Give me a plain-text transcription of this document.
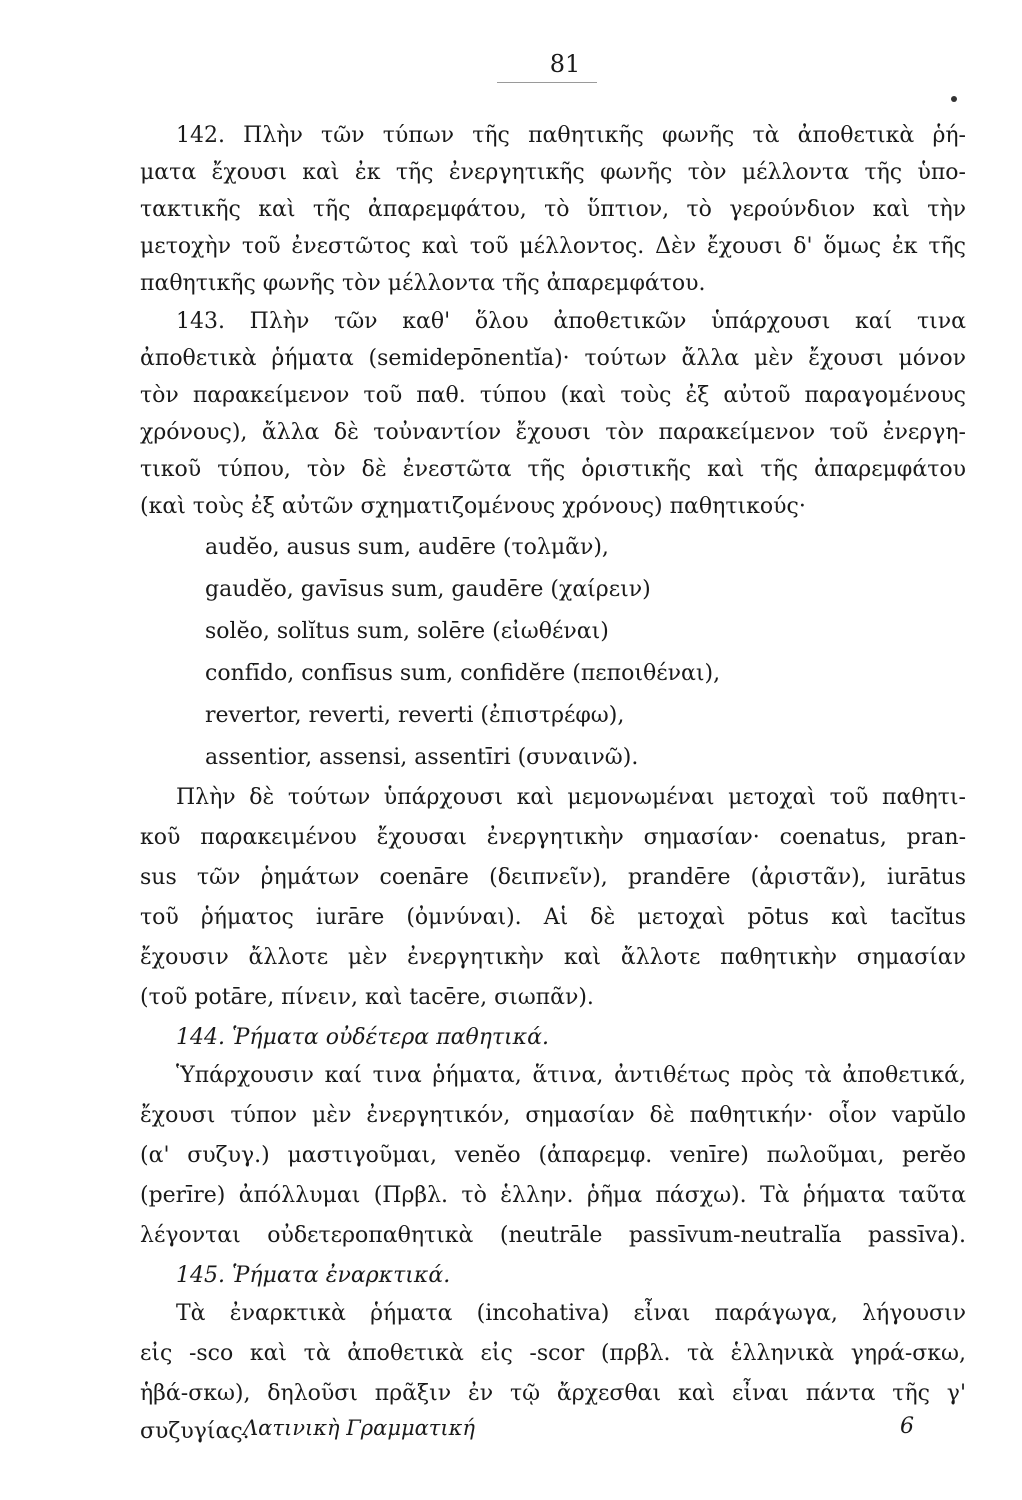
81
142. Πλὴν τῶν τύπων τῆς παθητικῆς φωνῆς τὰ ἀποθετικὰ ῥή-
ματα ἔχουσι καὶ ἐκ τῆς ἐνεργητικῆς φωνῆς τὸν μέλλοντα τῆς ὑπο-
τακτικῆς καὶ τῆς ἀπαρεμφάτου, τὸ ὕπτιον, τὸ γερούνδιον καὶ τὴν
μετοχὴν τοῦ ἐνεστῶτος καὶ τοῦ μέλλοντος. Δὲν ἔχουσι δ' ὅμως ἐκ τῆς
παθητικῆς φωνῆς τὸν μέλλοντα τῆς ἀπαρεμφάτου.
143. Πλὴν τῶν καθ' ὅλου ἀποθετικῶν ὑπάρχουσι καί τινα
ἀποθετικὰ ῥήματα (semidepōnentĭa)· τούτων ἄλλα μὲν ἔχουσι μόνον
τὸν παρακείμενον τοῦ παθ. τύπου (καὶ τοὺς ἐξ αὐτοῦ παραγομένους
χρόνους), ἄλλα δὲ τοὐναντίον ἔχουσι τὸν παρακείμενον τοῦ ἐνεργη-
τικοῦ τύπου, τὸν δὲ ἐνεστῶτα τῆς ὁριστικῆς καὶ τῆς ἀπαρεμφάτου
(καὶ τοὺς ἐξ αὐτῶν σχηματιζομένους χρόνους) παθητικούς·
audĕo, ausus sum, audēre (τολμᾶν),
gaudĕo, gavīsus sum, gaudēre (χαίρειν)
solĕo, solĭtus sum, solēre (εἰωθέναι)
confīdo, confīsus sum, confidĕre (πεποιθέναι),
revertor, reverti, reverti (ἐπιστρέφω),
assentior, assensi, assentīri (συναινῶ).
Πλὴν δὲ τούτων ὑπάρχουσι καὶ μεμονωμέναι μετοχαὶ τοῦ παθητι-
κοῦ παρακειμένου ἔχουσαι ἐνεργητικὴν σημασίαν· coenatus, pran-
sus τῶν ῥημάτων coenāre (δειπνεῖν), prandēre (ἀριστᾶν), iurātus
τοῦ ῥήματος iurāre (ὀμνύναι). Αἱ δὲ μετοχαὶ pōtus καὶ tacĭtus
ἔχουσιν ἄλλοτε μὲν ἐνεργητικὴν καὶ ἄλλοτε παθητικὴν σημασίαν
(τοῦ potāre, πίνειν, καὶ tacēre, σιωπᾶν).
144. Ῥήματα οὐδέτερα παθητικά.
Ὑπάρχουσιν καί τινα ῥήματα, ἅτινα, ἀντιθέτως πρὸς τὰ ἀποθετικά,
ἔχουσι τύπον μὲν ἐνεργητικόν, σημασίαν δὲ παθητικήν· οἷον vapŭlo
(α' συζυγ.) μαστιγοῦμαι, venĕo (ἀπαρεμφ. venīre) πωλοῦμαι, perĕo
(perīre) ἀπόλλυμαι (Πρβλ. τὸ ἑλλην. ῥῆμα πάσχω). Τὰ ῥήματα ταῦτα
λέγονται οὐδετεροπαθητικὰ (neutrāle passīvum-neutralĭa passīva).
145. Ῥήματα ἐναρκτικά.
Τὰ ἐναρκτικὰ ῥήματα (incohativa) εἶναι παράγωγα, λήγουσιν
εἰς -sco καὶ τὰ ἀποθετικὰ εἰς -scor (πρβλ. τὰ ἑλληνικὰ γηρά-σκω,
ἡβά-σκω), δηλοῦσι πρᾶξιν ἐν τῷ ἄρχεσθαι καὶ εἶναι πάντα τῆς γ'
συζυγίας.
Λατινικὴ Γραμματική	6
